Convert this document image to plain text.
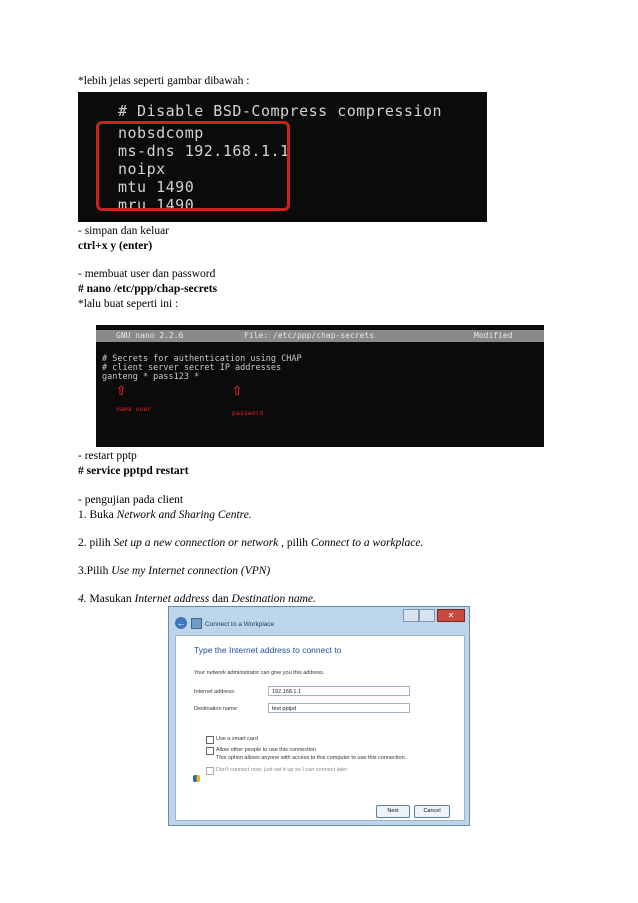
*lebih jelas seperti gambar dibawah :
# Disable BSD-Compress compression
nobsdcomp
ms-dns 192.168.1.1
noipx
mtu 1490
mru 1490
- simpan dan keluar
ctrl+x y (enter)
- membuat user dan password
# nano /etc/ppp/chap-secrets
*lalu buat seperti ini :
GNU nano 2.2.6	File: /etc/ppp/chap-secrets	Modified
# Secrets for authentication using CHAP
# client server secret IP addresses
ganteng * pass123 *
⇧	⇧
nama user	password
- restart pptp
# service pptpd restart
- pengujian pada client
1. Buka Network and Sharing Centre.
2. pilih Set up a new connection or network , pilih Connect to a workplace.
3.Pilih Use my Internet connection (VPN)
4. Masukan Internet address dan Destination name.
✕
←	Connect to a Workplace
Type the Internet address to connect to
Your network administrator can give you this address.
Internet address:	192.168.1.1
Destination name:	test pptpd
Use a smart card
Allow other people to use this connection
This option allows anyone with access to this computer to use this connection.
Don't connect now; just set it up so I can connect later
Next	Cancel
